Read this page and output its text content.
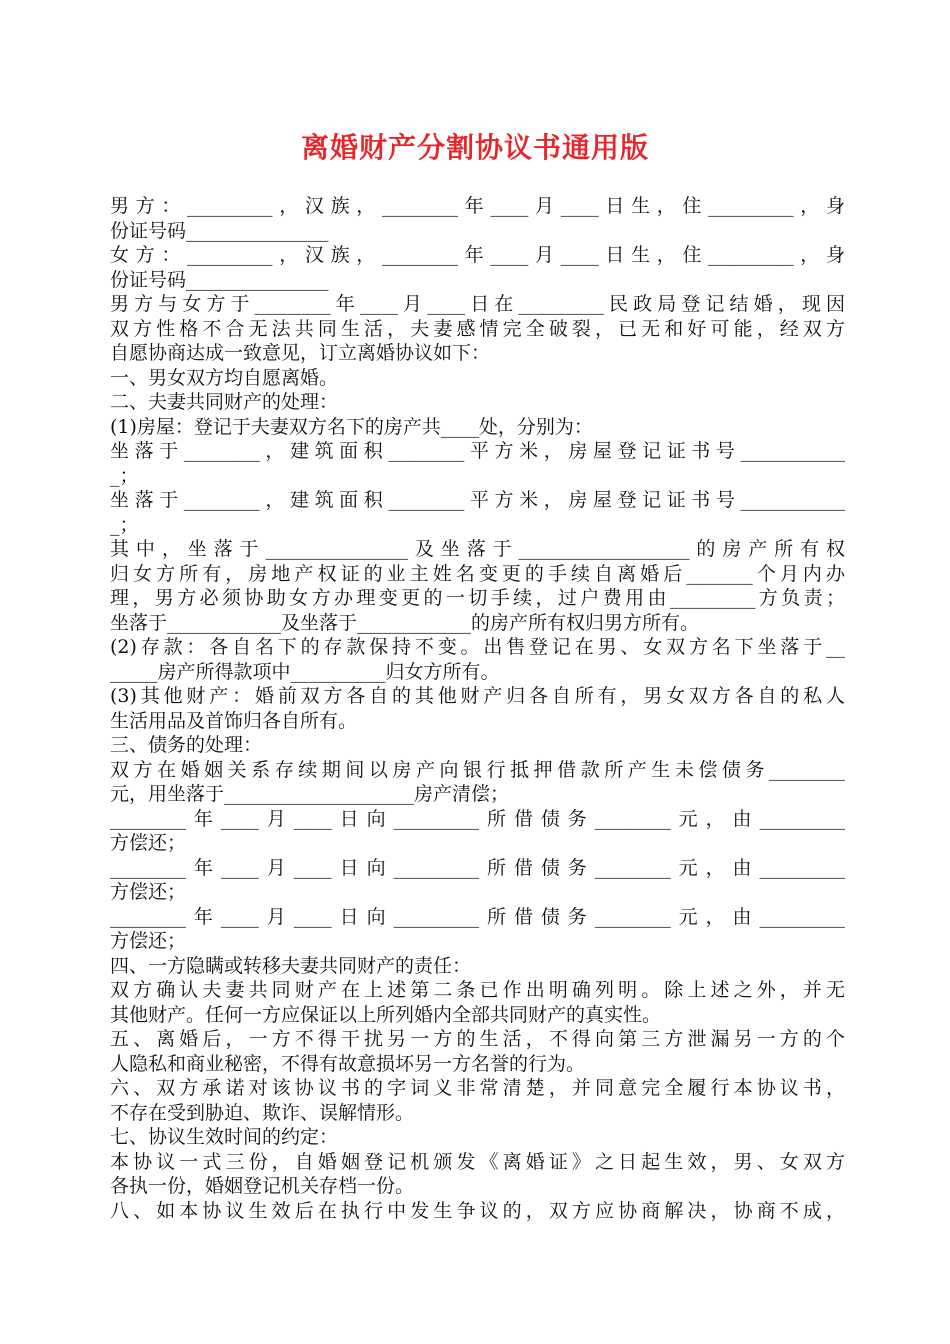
离婚财产分割协议书通用版
男方：_________，汉族，________年____月____日生，住_________，身
份证号码_______________
女方：_________，汉族，________年____月____日生，住_________，身
份证号码_______________
男方与女方于________年____月____日在_________民政局登记结婚，现因
双方性格不合无法共同生活，夫妻感情完全破裂，已无和好可能，经双方
自愿协商达成一致意见，订立离婚协议如下：
一、男女双方均自愿离婚。
二、夫妻共同财产的处理：
(1)房屋：登记于夫妻双方名下的房产共____处，分别为：
坐落于________，建筑面积________平方米，房屋登记证书号___________
_；
坐落于________，建筑面积________平方米，房屋登记证书号___________
_；
其中，坐落于_______________及坐落于__________________的房产所有权
归女方所有，房地产权证的业主姓名变更的手续自离婚后_______个月内办
理，男方必须协助女方办理变更的一切手续，过户费用由_________方负责；
坐落于____________及坐落于____________的房产所有权归男方所有。
(2)存款：各自名下的存款保持不变。出售登记在男、女双方名下坐落于__
_____房产所得款项中__________归女方所有。
(3)其他财产：婚前双方各自的其他财产归各自所有，男女双方各自的私人
生活用品及首饰归各自所有。
三、债务的处理：
双方在婚姻关系存续期间以房产向银行抵押借款所产生未偿债务________
元，用坐落于____________________房产清偿；
________年____月____日向_________所借债务________元，由_________
方偿还；
________年____月____日向_________所借债务________元，由_________
方偿还；
________年____月____日向_________所借债务________元，由_________
方偿还；
四、一方隐瞒或转移夫妻共同财产的责任：
双方确认夫妻共同财产在上述第二条已作出明确列明。除上述之外，并无
其他财产。任何一方应保证以上所列婚内全部共同财产的真实性。
五、离婚后，一方不得干扰另一方的生活，不得向第三方泄漏另一方的个
人隐私和商业秘密，不得有故意损坏另一方名誉的行为。
六、双方承诺对该协议书的字词义非常清楚，并同意完全履行本协议书，
不存在受到胁迫、欺诈、误解情形。
七、协议生效时间的约定：
本协议一式三份，自婚姻登记机颁发《离婚证》之日起生效，男、女双方
各执一份，婚姻登记机关存档一份。
八、如本协议生效后在执行中发生争议的，双方应协商解决，协商不成，
